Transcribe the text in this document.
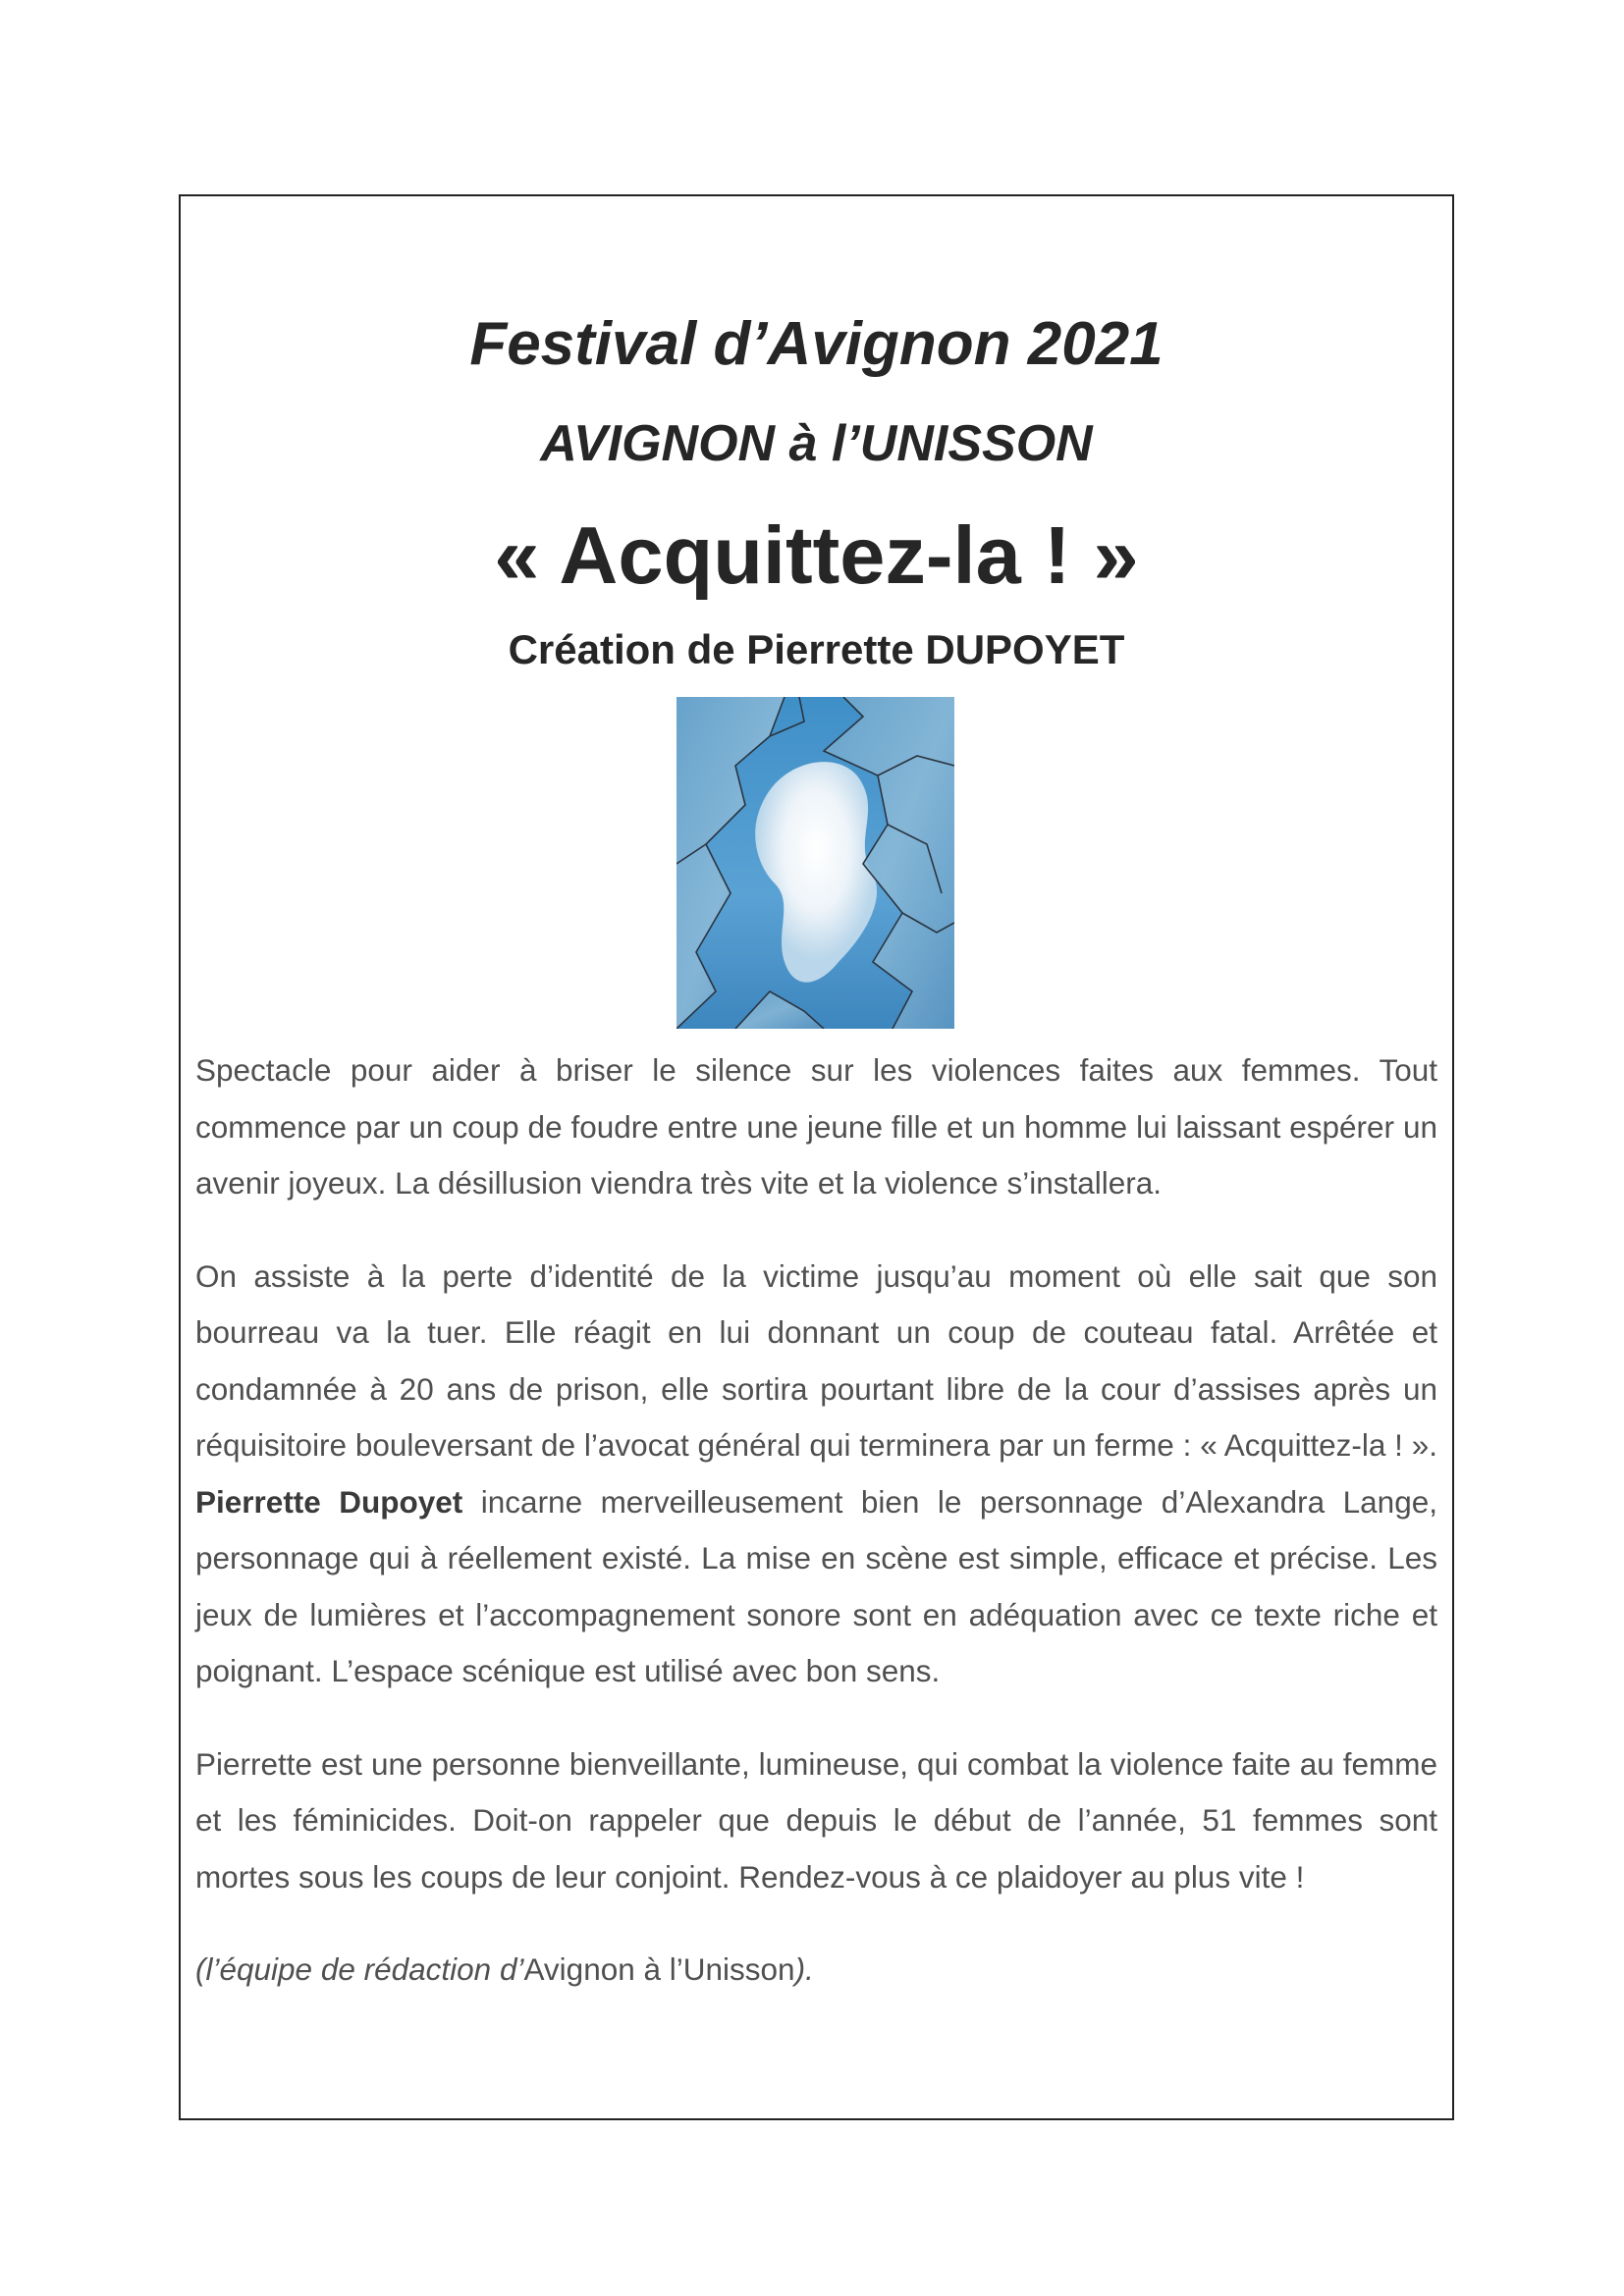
Festival d’Avignon 2021
AVIGNON à l’UNISSON
« Acquittez-la ! »
Création de Pierrette DUPOYET

Spectacle pour aider à briser le silence sur les violences faites aux femmes. Tout commence par un coup de foudre entre une jeune fille et un homme lui laissant espérer un avenir joyeux. La désillusion viendra très vite et la violence s’installera.

On assiste à la perte d’identité de la victime jusqu’au moment où elle sait que son bourreau va la tuer. Elle réagit en lui donnant un coup de couteau fatal. Arrêtée et condamnée à 20 ans de prison, elle sortira pourtant libre de la cour d’assises après un réquisitoire bouleversant de l’avocat général qui terminera par un ferme : « Acquittez-la ! ». Pierrette Dupoyet incarne merveilleusement bien le personnage d’Alexandra Lange, personnage qui à réellement existé. La mise en scène est simple, efficace et précise. Les jeux de lumières et l’accompagnement sonore sont en adéquation avec ce texte riche et poignant. L’espace scénique est utilisé avec bon sens.

Pierrette est une personne bienveillante, lumineuse, qui combat la violence faite au femme et les féminicides. Doit-on rappeler que depuis le début de l’année, 51 femmes sont mortes sous les coups de leur conjoint. Rendez-vous à ce plaidoyer au plus vite !

(l’équipe de rédaction d’Avignon à l’Unisson).
